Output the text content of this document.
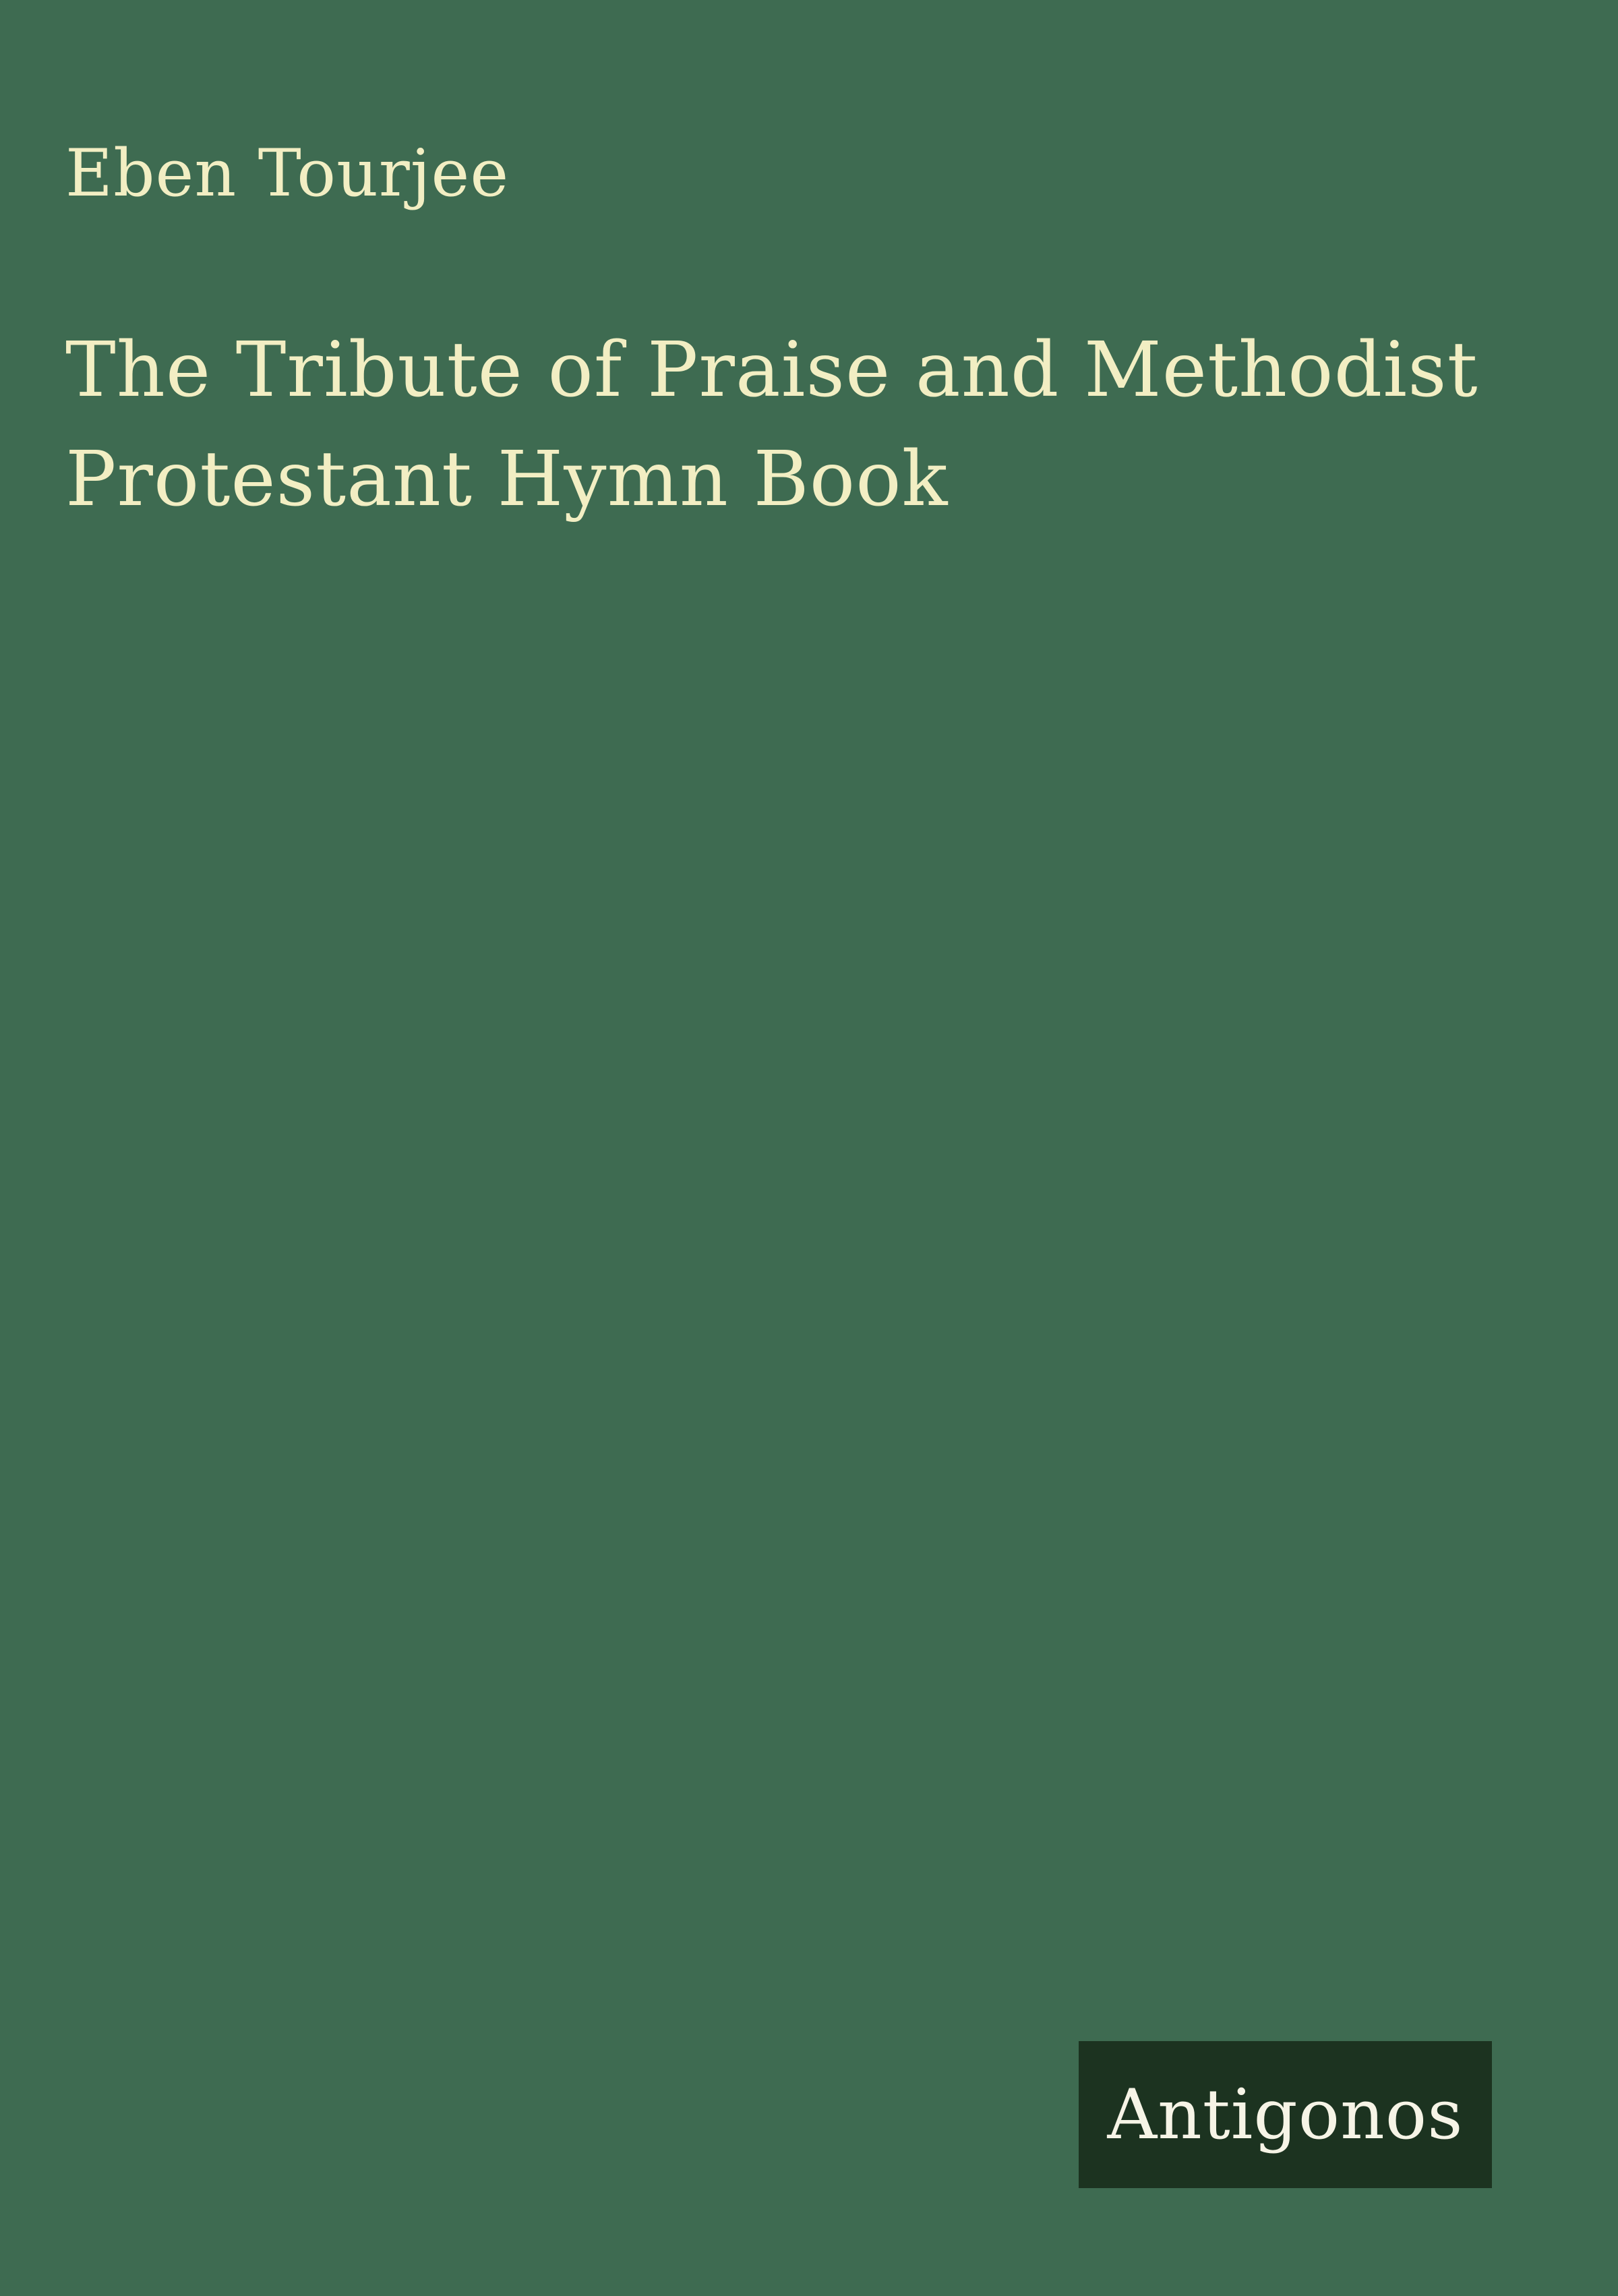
Eben Tourjee
The Tribute of Praise and Methodist
Protestant Hymn Book
Antigonos
